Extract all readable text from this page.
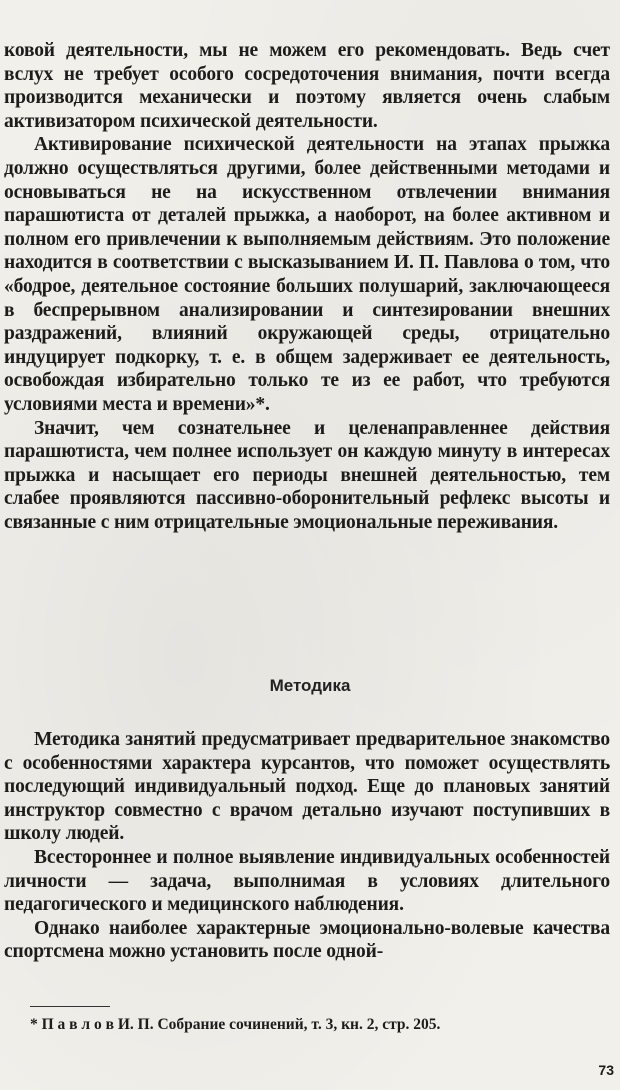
ковой деятельности, мы не можем его рекомендовать. Ведь счет вслух не требует особого сосредоточения внимания, почти всегда производится механически и поэтому является очень слабым активизатором психической деятельности.

Активирование психической деятельности на этапах прыжка должно осуществляться другими, более действенными методами и основываться не на искусственном отвлечении внимания парашютиста от деталей прыжка, а наоборот, на более активном и полном его привлечении к выполняемым действиям. Это положение находится в соответствии с высказыванием И. П. Павлова о том, что «бодрое, деятельное состояние больших полушарий, заключающееся в беспрерывном анализировании и синтезировании внешних раздражений, влияний окружающей среды, отрицательно индуцирует подкорку, т. е. в общем задерживает ее деятельность, освобождая избирательно только те из ее работ, что требуются условиями места и времени»*.

Значит, чем сознательнее и целенаправленнее действия парашютиста, чем полнее использует он каждую минуту в интересах прыжка и насыщает его периоды внешней деятельностью, тем слабее проявляются пассивно-оборонительный рефлекс высоты и связанные с ним отрицательные эмоциональные переживания.

Методика

Методика занятий предусматривает предварительное знакомство с особенностями характера курсантов, что поможет осуществлять последующий индивидуальный подход. Еще до плановых занятий инструктор совместно с врачом детально изучают поступивших в школу людей.

Всестороннее и полное выявление индивидуальных особенностей личности — задача, выполнимая в условиях длительного педагогического и медицинского наблюдения.

Однако наиболее характерные эмоционально-волевые качества спортсмена можно установить после одной-

* П а в л о в И. П. Собрание сочинений, т. 3, кн. 2, стр. 205.
73
